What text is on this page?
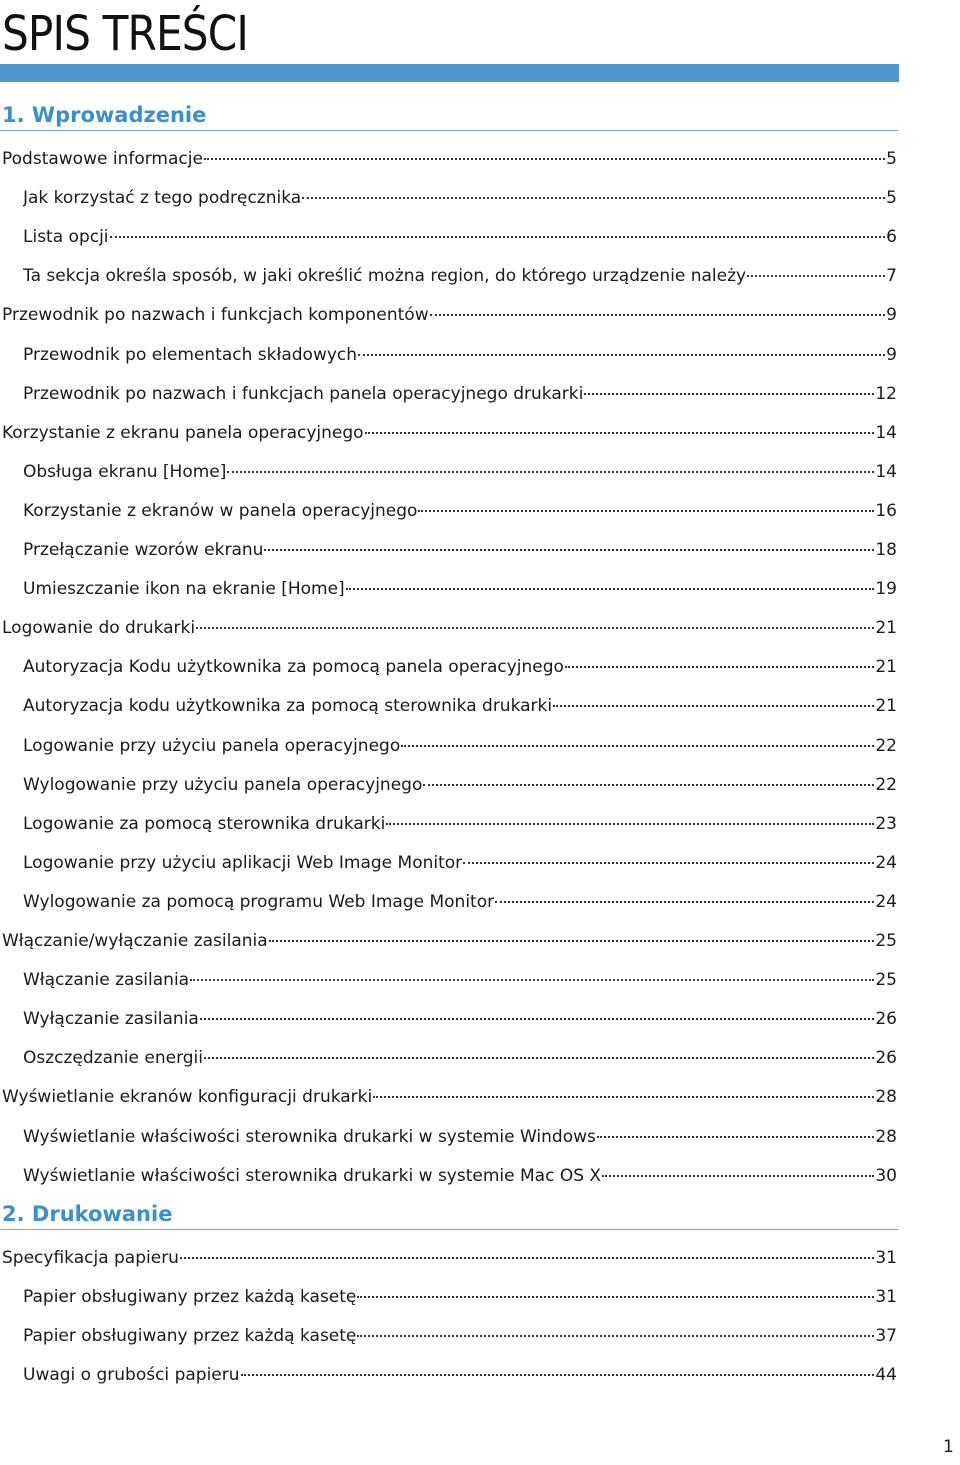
SPIS TREŚCI
1. Wprowadzenie
Podstawowe informacje	5
Jak korzystać z tego podręcznika	5
Lista opcji	6
Ta sekcja określa sposób, w jaki określić można region, do którego urządzenie należy	7
Przewodnik po nazwach i funkcjach komponentów	9
Przewodnik po elementach składowych	9
Przewodnik po nazwach i funkcjach panela operacyjnego drukarki	12
Korzystanie z ekranu panela operacyjnego	14
Obsługa ekranu [Home]	14
Korzystanie z ekranów w panela operacyjnego	16
Przełączanie wzorów ekranu	18
Umieszczanie ikon na ekranie [Home]	19
Logowanie do drukarki	21
Autoryzacja Kodu użytkownika za pomocą panela operacyjnego	21
Autoryzacja kodu użytkownika za pomocą sterownika drukarki	21
Logowanie przy użyciu panela operacyjnego	22
Wylogowanie przy użyciu panela operacyjnego	22
Logowanie za pomocą sterownika drukarki	23
Logowanie przy użyciu aplikacji Web Image Monitor	24
Wylogowanie za pomocą programu Web Image Monitor	24
Włączanie/wyłączanie zasilania	25
Włączanie zasilania	25
Wyłączanie zasilania	26
Oszczędzanie energii	26
Wyświetlanie ekranów konfiguracji drukarki	28
Wyświetlanie właściwości sterownika drukarki w systemie Windows	28
Wyświetlanie właściwości sterownika drukarki w systemie Mac OS X	30
2. Drukowanie
Specyfikacja papieru	31
Papier obsługiwany przez każdą kasetę	31
Papier obsługiwany przez każdą kasetę	37
Uwagi o grubości papieru	44
1
